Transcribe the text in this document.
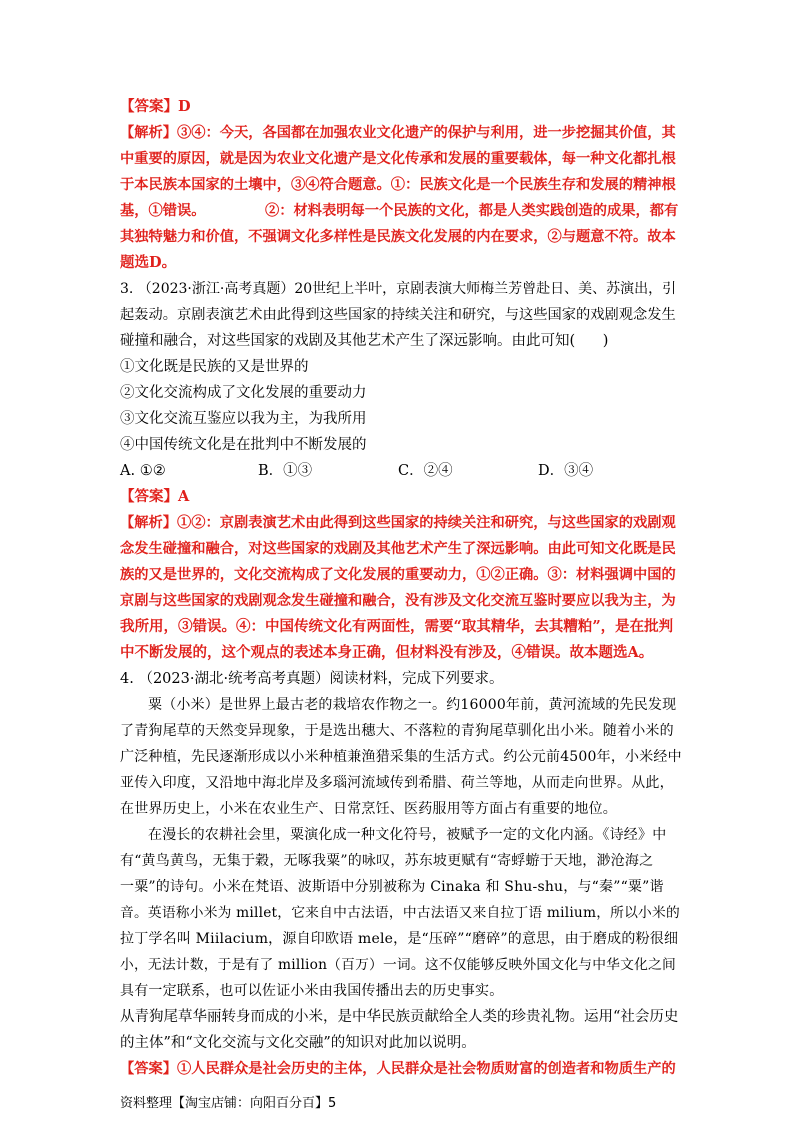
【答案】D
【解析】③④：今天，各国都在加强农业文化遗产的保护与利用，进一步挖掘其价值，其
中重要的原因，就是因为农业文化遗产是文化传承和发展的重要载体，每一种文化都扎根
于本民族本国家的土壤中，③④符合题意。①：民族文化是一个民族生存和发展的精神根
基，①错误。            ②：材料表明每一个民族的文化，都是人类实践创造的成果，都有
其独特魅力和价值，不强调文化多样性是民族文化发展的内在要求，②与题意不符。故本
题选D。
3. （2023·浙江·高考真题）20世纪上半叶，京剧表演大师梅兰芳曾赴日、美、苏演出，引
起轰动。京剧表演艺术由此得到这些国家的持续关注和研究，与这些国家的戏剧观念发生
碰撞和融合，对这些国家的戏剧及其他艺术产生了深远影响。由此可知(      )
①文化既是民族的又是世界的
②文化交流构成了文化发展的重要动力
③文化交流互鉴应以我为主，为我所用
④中国传统文化是在批判中不断发展的
A. ①②	B．①③	C．②④	D．③④
【答案】A
【解析】①②：京剧表演艺术由此得到这些国家的持续关注和研究，与这些国家的戏剧观
念发生碰撞和融合，对这些国家的戏剧及其他艺术产生了深远影响。由此可知文化既是民
族的又是世界的，文化交流构成了文化发展的重要动力，①②正确。③：材料强调中国的
京剧与这些国家的戏剧观念发生碰撞和融合，没有涉及文化交流互鉴时要应以我为主，为
我所用，③错误。④：中国传统文化有两面性，需要“取其精华，去其糟粕”，是在批判
中不断发展的，这个观点的表述本身正确，但材料没有涉及，④错误。故本题选A。
4. （2023·湖北·统考高考真题）阅读材料，完成下列要求。
粟（小米）是世界上最古老的栽培农作物之一。约16000年前，黄河流域的先民发现
了青狗尾草的天然变异现象，于是选出穗大、不落粒的青狗尾草驯化出小米。随着小米的
广泛种植，先民逐渐形成以小米种植兼渔猎采集的生活方式。约公元前4500年，小米经中
亚传入印度，又沿地中海北岸及多瑙河流域传到希腊、荷兰等地，从而走向世界。从此，
在世界历史上，小米在农业生产、日常烹饪、医药服用等方面占有重要的地位。
在漫长的农耕社会里，粟演化成一种文化符号，被赋予一定的文化内涵。《诗经》中
有“黄鸟黄鸟，无集于穀，无啄我粟”的咏叹，苏东坡更赋有“寄蜉蝣于天地，渺沧海之
一粟”的诗句。小米在梵语、波斯语中分别被称为 Cinaka 和 Shu-shu，与“秦”“粟”谐
音。英语称小米为 millet，它来自中古法语，中古法语又来自拉丁语 milium，所以小米的
拉丁学名叫 Miilacium，源自印欧语 mele，是“压碎”“磨碎”的意思，由于磨成的粉很细
小，无法计数，于是有了 million（百万）一词。这不仅能够反映外国文化与中华文化之间
具有一定联系，也可以佐证小米由我国传播出去的历史事实。
从青狗尾草华丽转身而成的小米，是中华民族贡献给全人类的珍贵礼物。运用“社会历史
的主体”和“文化交流与文化交融”的知识对此加以说明。
【答案】①人民群众是社会历史的主体，人民群众是社会物质财富的创造者和物质生产的
资料整理【淘宝店铺：向阳百分百】5
